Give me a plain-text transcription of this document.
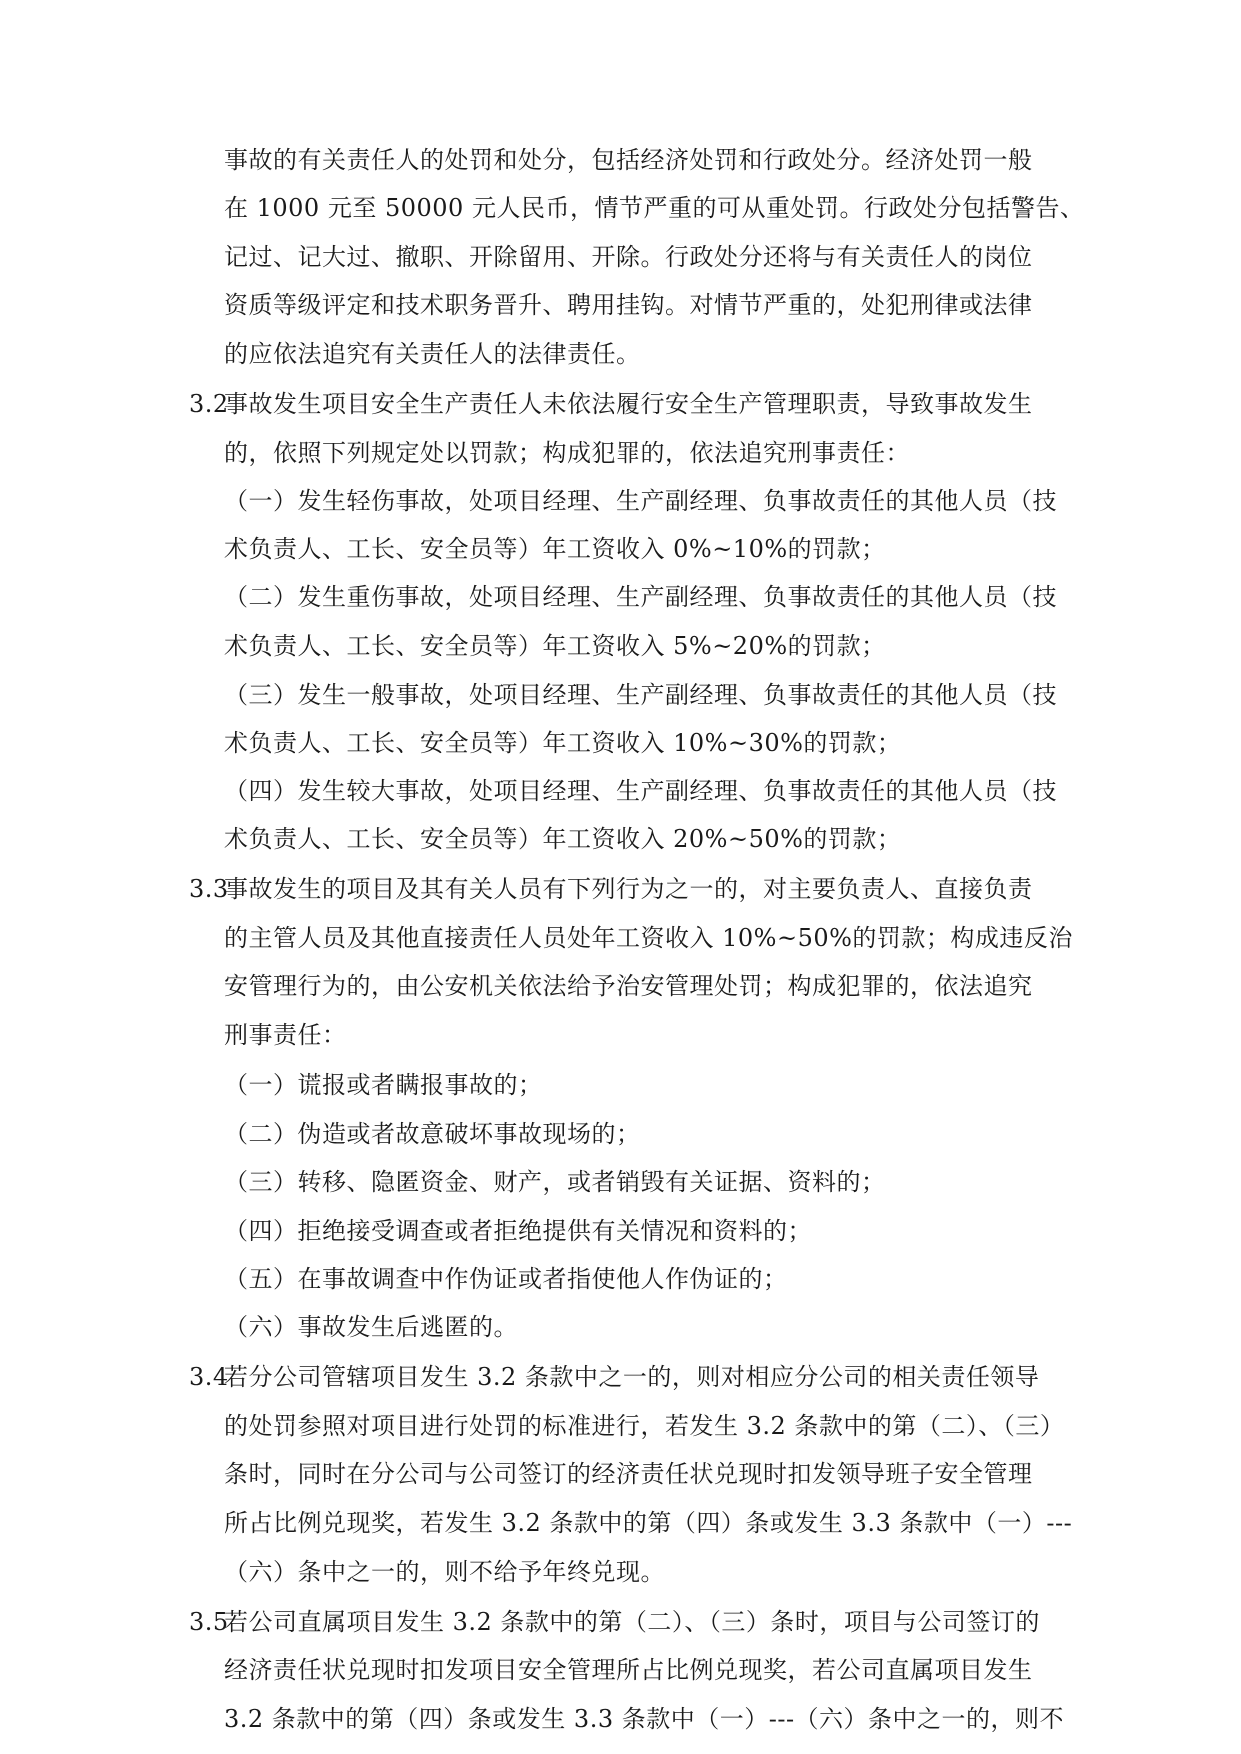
事故的有关责任人的处罚和处分，包括经济处罚和行政处分。经济处罚一般
在 1000 元至 50000 元人民币，情节严重的可从重处罚。行政处分包括警告、
记过、记大过、撤职、开除留用、开除。行政处分还将与有关责任人的岗位
资质等级评定和技术职务晋升、聘用挂钩。对情节严重的，处犯刑律或法律
的应依法追究有关责任人的法律责任。
3.2
事故发生项目安全生产责任人未依法履行安全生产管理职责，导致事故发生
的，依照下列规定处以罚款；构成犯罪的，依法追究刑事责任：
（一）发生轻伤事故，处项目经理、生产副经理、负事故责任的其他人员（技
术负责人、工长、安全员等）年工资收入 0%~10%的罚款；
（二）发生重伤事故，处项目经理、生产副经理、负事故责任的其他人员（技
术负责人、工长、安全员等）年工资收入 5%~20%的罚款；
（三）发生一般事故，处项目经理、生产副经理、负事故责任的其他人员（技
术负责人、工长、安全员等）年工资收入 10%~30%的罚款；
（四）发生较大事故，处项目经理、生产副经理、负事故责任的其他人员（技
术负责人、工长、安全员等）年工资收入 20%~50%的罚款；
3.3
事故发生的项目及其有关人员有下列行为之一的，对主要负责人、直接负责
的主管人员及其他直接责任人员处年工资收入 10%~50%的罚款；构成违反治
安管理行为的，由公安机关依法给予治安管理处罚；构成犯罪的，依法追究
刑事责任：
（一）谎报或者瞒报事故的；
（二）伪造或者故意破坏事故现场的；
（三）转移、隐匿资金、财产，或者销毁有关证据、资料的；
（四）拒绝接受调查或者拒绝提供有关情况和资料的；
（五）在事故调查中作伪证或者指使他人作伪证的；
（六）事故发生后逃匿的。
3.4
若分公司管辖项目发生 3.2 条款中之一的，则对相应分公司的相关责任领导
的处罚参照对项目进行处罚的标准进行，若发生 3.2 条款中的第（二）、（三）
条时，同时在分公司与公司签订的经济责任状兑现时扣发领导班子安全管理
所占比例兑现奖，若发生 3.2 条款中的第（四）条或发生 3.3 条款中（一）---
（六）条中之一的，则不给予年终兑现。
3.5
若公司直属项目发生 3.2 条款中的第（二）、（三）条时，项目与公司签订的
经济责任状兑现时扣发项目安全管理所占比例兑现奖，若公司直属项目发生
3.2 条款中的第（四）条或发生 3.3 条款中（一）---（六）条中之一的，则不
